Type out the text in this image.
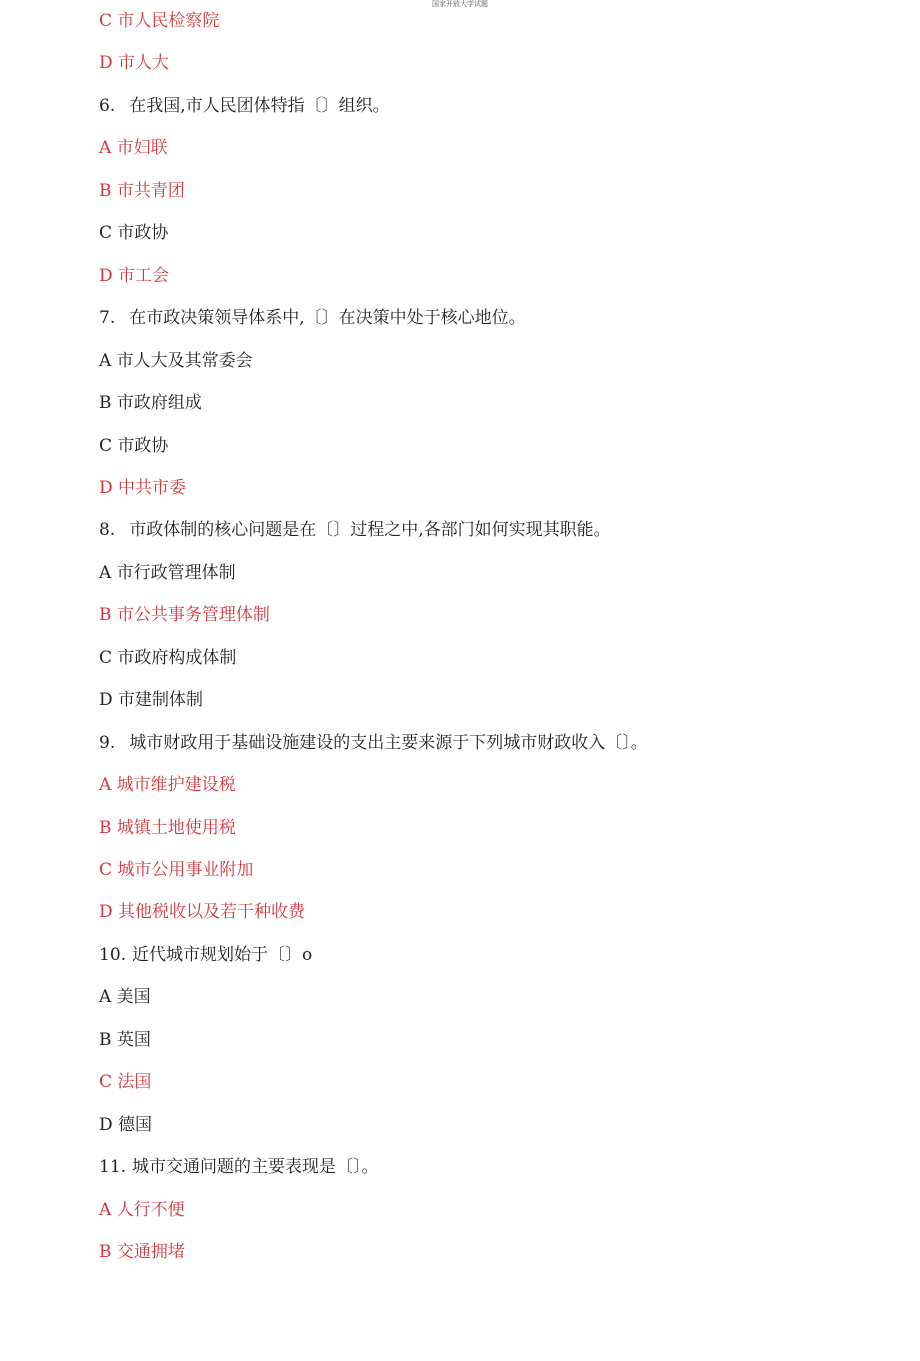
国家开放大学试题
C 市人民检察院
D 市人大
6. 在我国,市人民团体特指〔〕组织。
A 市妇联
B 市共青团
C 市政协
D 市工会
7. 在市政决策领导体系中,〔〕在决策中处于核心地位。
A 市人大及其常委会
B 市政府组成
C 市政协
D 中共市委
8. 市政体制的核心问题是在〔〕过程之中,各部门如何实现其职能。
A 市行政管理体制
B 市公共事务管理体制
C 市政府构成体制
D 市建制体制
9. 城市财政用于基础设施建设的支出主要来源于下列城市财政收入〔〕。
A 城市维护建设税
B 城镇土地使用税
C 城市公用事业附加
D 其他税收以及若干种收费
10. 近代城市规划始于〔〕o
A 美国
B 英国
C 法国
D 德国
11. 城市交通问题的主要表现是〔〕。
A 人行不便
B 交通拥堵
